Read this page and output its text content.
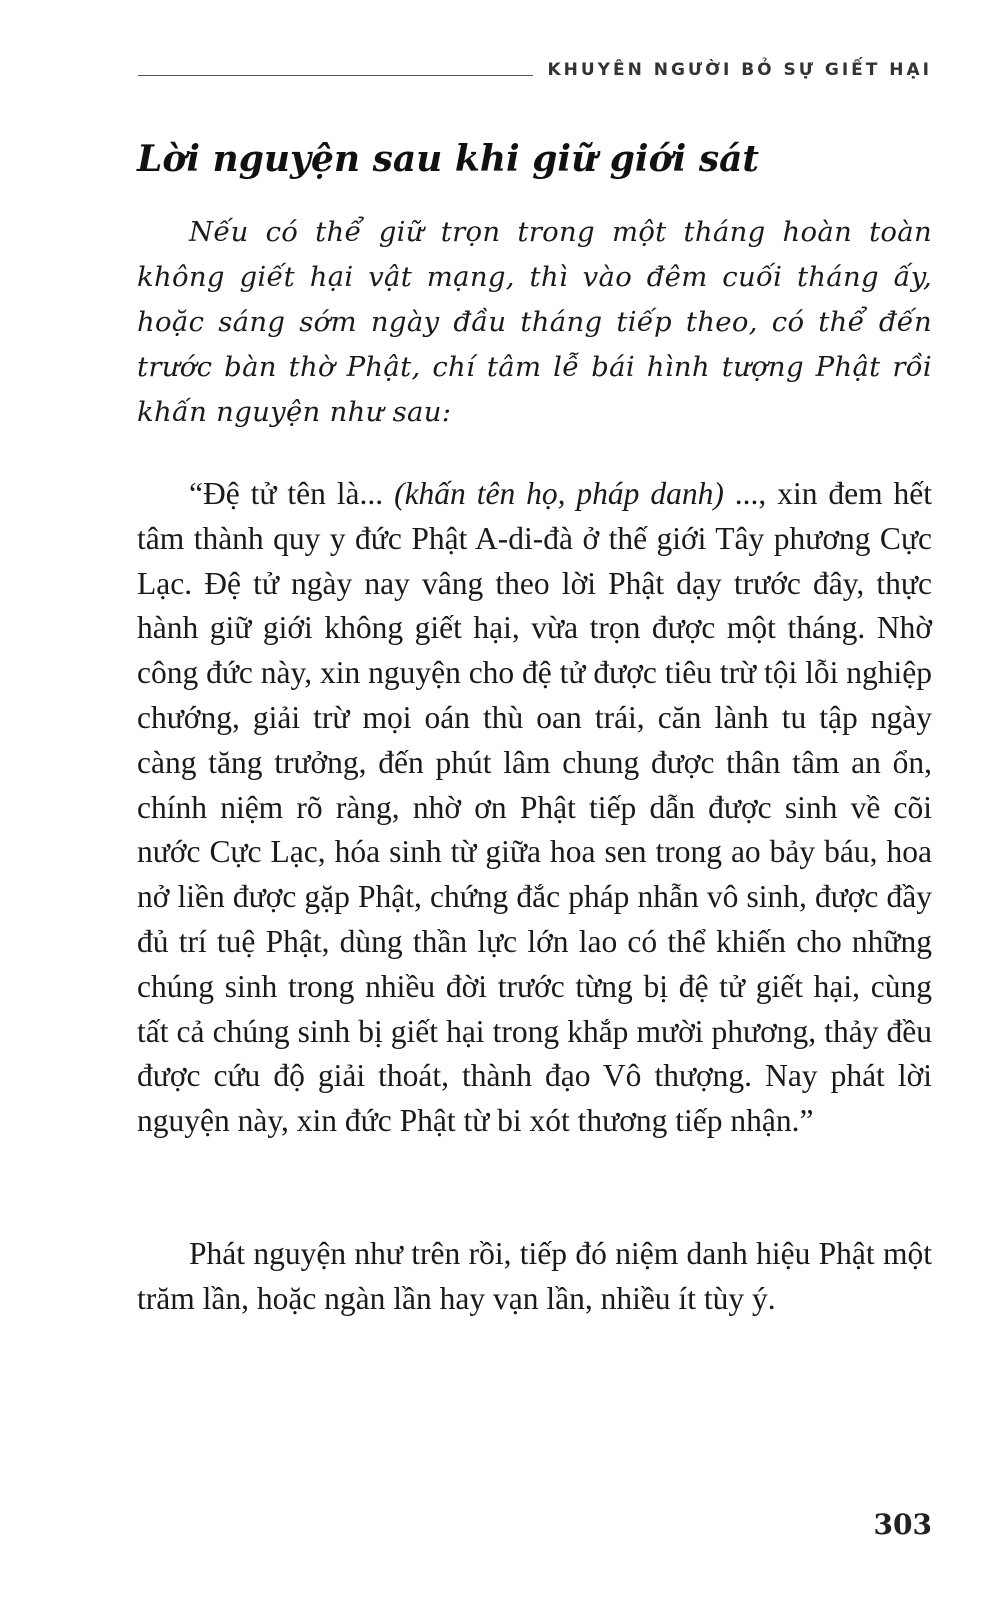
KHUYÊN NGƯỜI BỎ SỰ GIẾT HẠI
Lời nguyện sau khi giữ giới sát

Nếu có thể giữ trọn trong một tháng hoàn toàn không giết hại vật mạng, thì vào đêm cuối tháng ấy, hoặc sáng sớm ngày đầu tháng tiếp theo, có thể đến trước bàn thờ Phật, chí tâm lễ bái hình tượng Phật rồi khấn nguyện như sau:

“Đệ tử tên là... (khấn tên họ, pháp danh) ..., xin đem hết tâm thành quy y đức Phật A-di-đà ở thế giới Tây phương Cực Lạc. Đệ tử ngày nay vâng theo lời Phật dạy trước đây, thực hành giữ giới không giết hại, vừa trọn được một tháng. Nhờ công đức này, xin nguyện cho đệ tử được tiêu trừ tội lỗi nghiệp chướng, giải trừ mọi oán thù oan trái, căn lành tu tập ngày càng tăng trưởng, đến phút lâm chung được thân tâm an ổn, chính niệm rõ ràng, nhờ ơn Phật tiếp dẫn được sinh về cõi nước Cực Lạc, hóa sinh từ giữa hoa sen trong ao bảy báu, hoa nở liền được gặp Phật, chứng đắc pháp nhẫn vô sinh, được đầy đủ trí tuệ Phật, dùng thần lực lớn lao có thể khiến cho những chúng sinh trong nhiều đời trước từng bị đệ tử giết hại, cùng tất cả chúng sinh bị giết hại trong khắp mười phương, thảy đều được cứu độ giải thoát, thành đạo Vô thượng. Nay phát lời nguyện này, xin đức Phật từ bi xót thương tiếp nhận.”

Phát nguyện như trên rồi, tiếp đó niệm danh hiệu Phật một trăm lần, hoặc ngàn lần hay vạn lần, nhiều ít tùy ý.

303
